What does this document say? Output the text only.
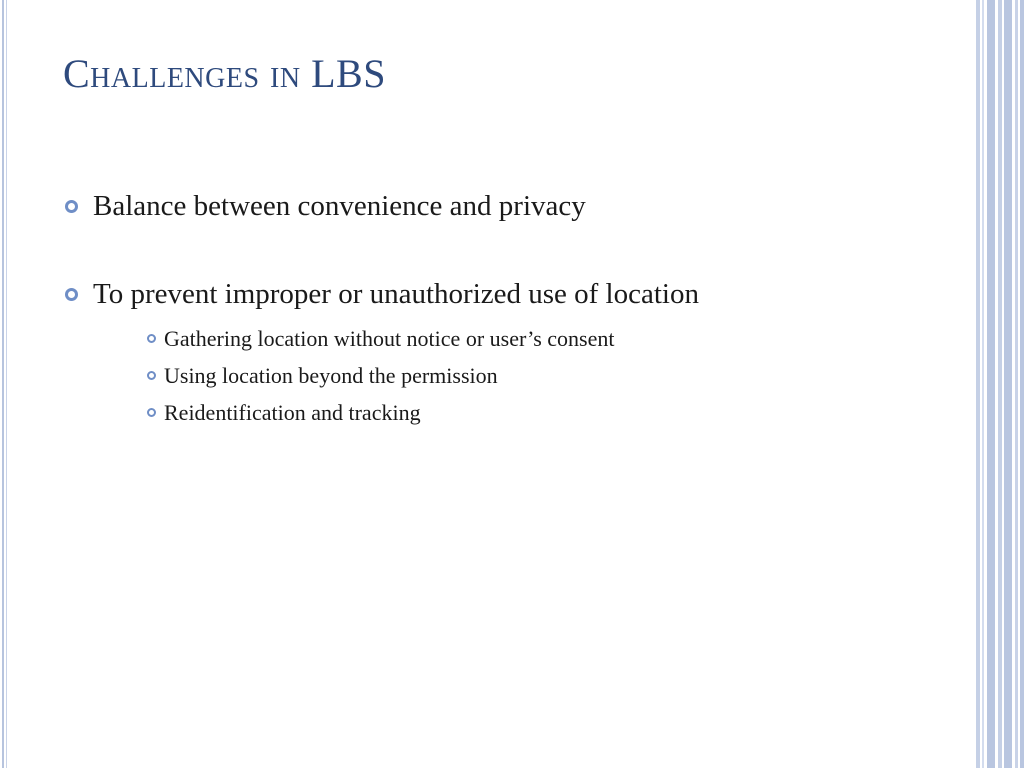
Challenges in LBS
Balance between convenience and privacy
To prevent improper or unauthorized use of location
Gathering location without notice or user’s consent
Using location beyond the permission
Reidentification and tracking
